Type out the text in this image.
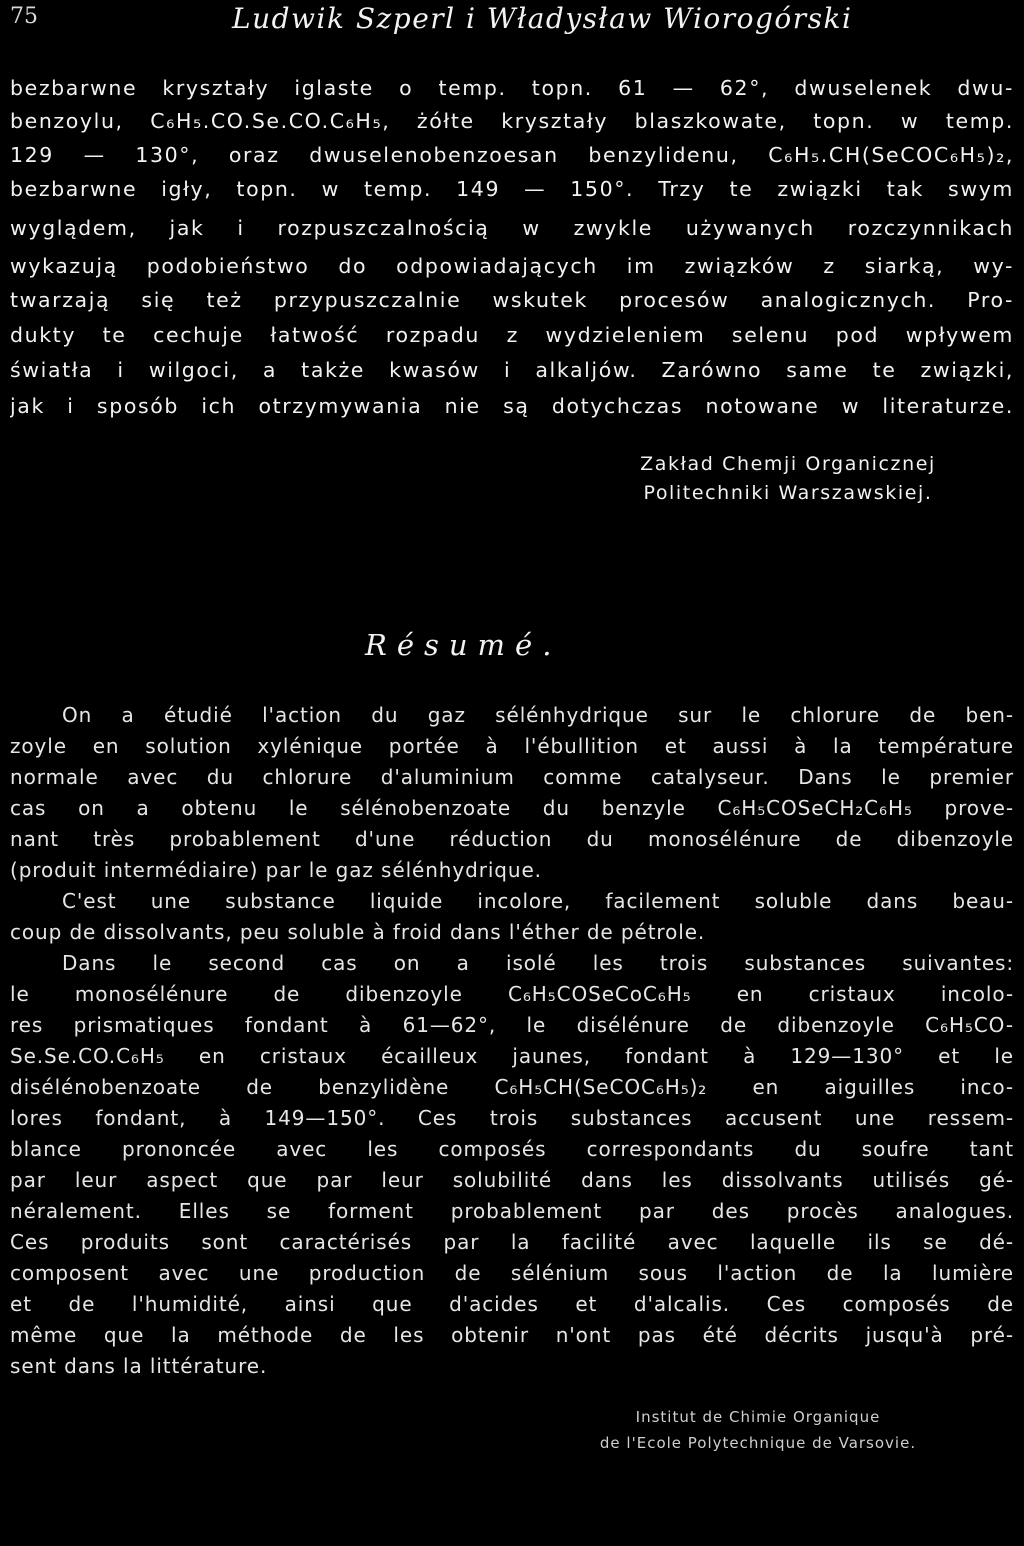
75	Ludwik Szperl i Władysław Wiorogórski
bezbarwne kryształy iglaste o temp. topn. 61 — 62°, dwuselenek dwu-
benzoylu, C₆H₅.CO.Se.CO.C₆H₅, żółte kryształy blaszkowate, topn. w temp.
129 — 130°, oraz dwuselenobenzoesan benzylidenu, C₆H₅.CH(SeCOC₆H₅)₂,
bezbarwne igły, topn. w temp. 149 — 150°. Trzy te związki tak swym
wyglądem, jak i rozpuszczalnością w zwykle używanych rozczynnikach
wykazują podobieństwo do odpowiadających im związków z siarką, wy-
twarzają się też przypuszczalnie wskutek procesów analogicznych. Pro-
dukty te cechuje łatwość rozpadu z wydzieleniem selenu pod wpływem
światła i wilgoci, a także kwasów i alkaljów. Zarówno same te związki,
jak i sposób ich otrzymywania nie są dotychczas notowane w literaturze.
Zakład Chemji Organicznej
Politechniki Warszawskiej.
Résumé.
On a étudié l'action du gaz sélénhydrique sur le chlorure de ben-
zoyle en solution xylénique portée à l'ébullition et aussi à la température
normale avec du chlorure d'aluminium comme catalyseur. Dans le premier
cas on a obtenu le sélénobenzoate du benzyle C₆H₅COSeCH₂C₆H₅ prove-
nant très probablement d'une réduction du monosélénure de dibenzoyle
(produit intermédiaire) par le gaz sélénhydrique.
C'est une substance liquide incolore, facilement soluble dans beau-
coup de dissolvants, peu soluble à froid dans l'éther de pétrole.
Dans le second cas on a isolé les trois substances suivantes:
le monosélénure de dibenzoyle C₆H₅COSeCoC₆H₅ en cristaux incolo-
res prismatiques fondant à 61—62°, le disélénure de dibenzoyle C₆H₅CO-
Se.Se.CO.C₆H₅ en cristaux écailleux jaunes, fondant à 129—130° et le
disélénobenzoate de benzylidène C₆H₅CH(SeCOC₆H₅)₂ en aiguilles inco-
lores fondant, à 149—150°. Ces trois substances accusent une ressem-
blance prononcée avec les composés correspondants du soufre tant
par leur aspect que par leur solubilité dans les dissolvants utilisés gé-
néralement. Elles se forment probablement par des procès analogues.
Ces produits sont caractérisés par la facilité avec laquelle ils se dé-
composent avec une production de sélénium sous l'action de la lumière
et de l'humidité, ainsi que d'acides et d'alcalis. Ces composés de
même que la méthode de les obtenir n'ont pas été décrits jusqu'à pré-
sent dans la littérature.
Institut de Chimie Organique
de l'Ecole Polytechnique de Varsovie.
